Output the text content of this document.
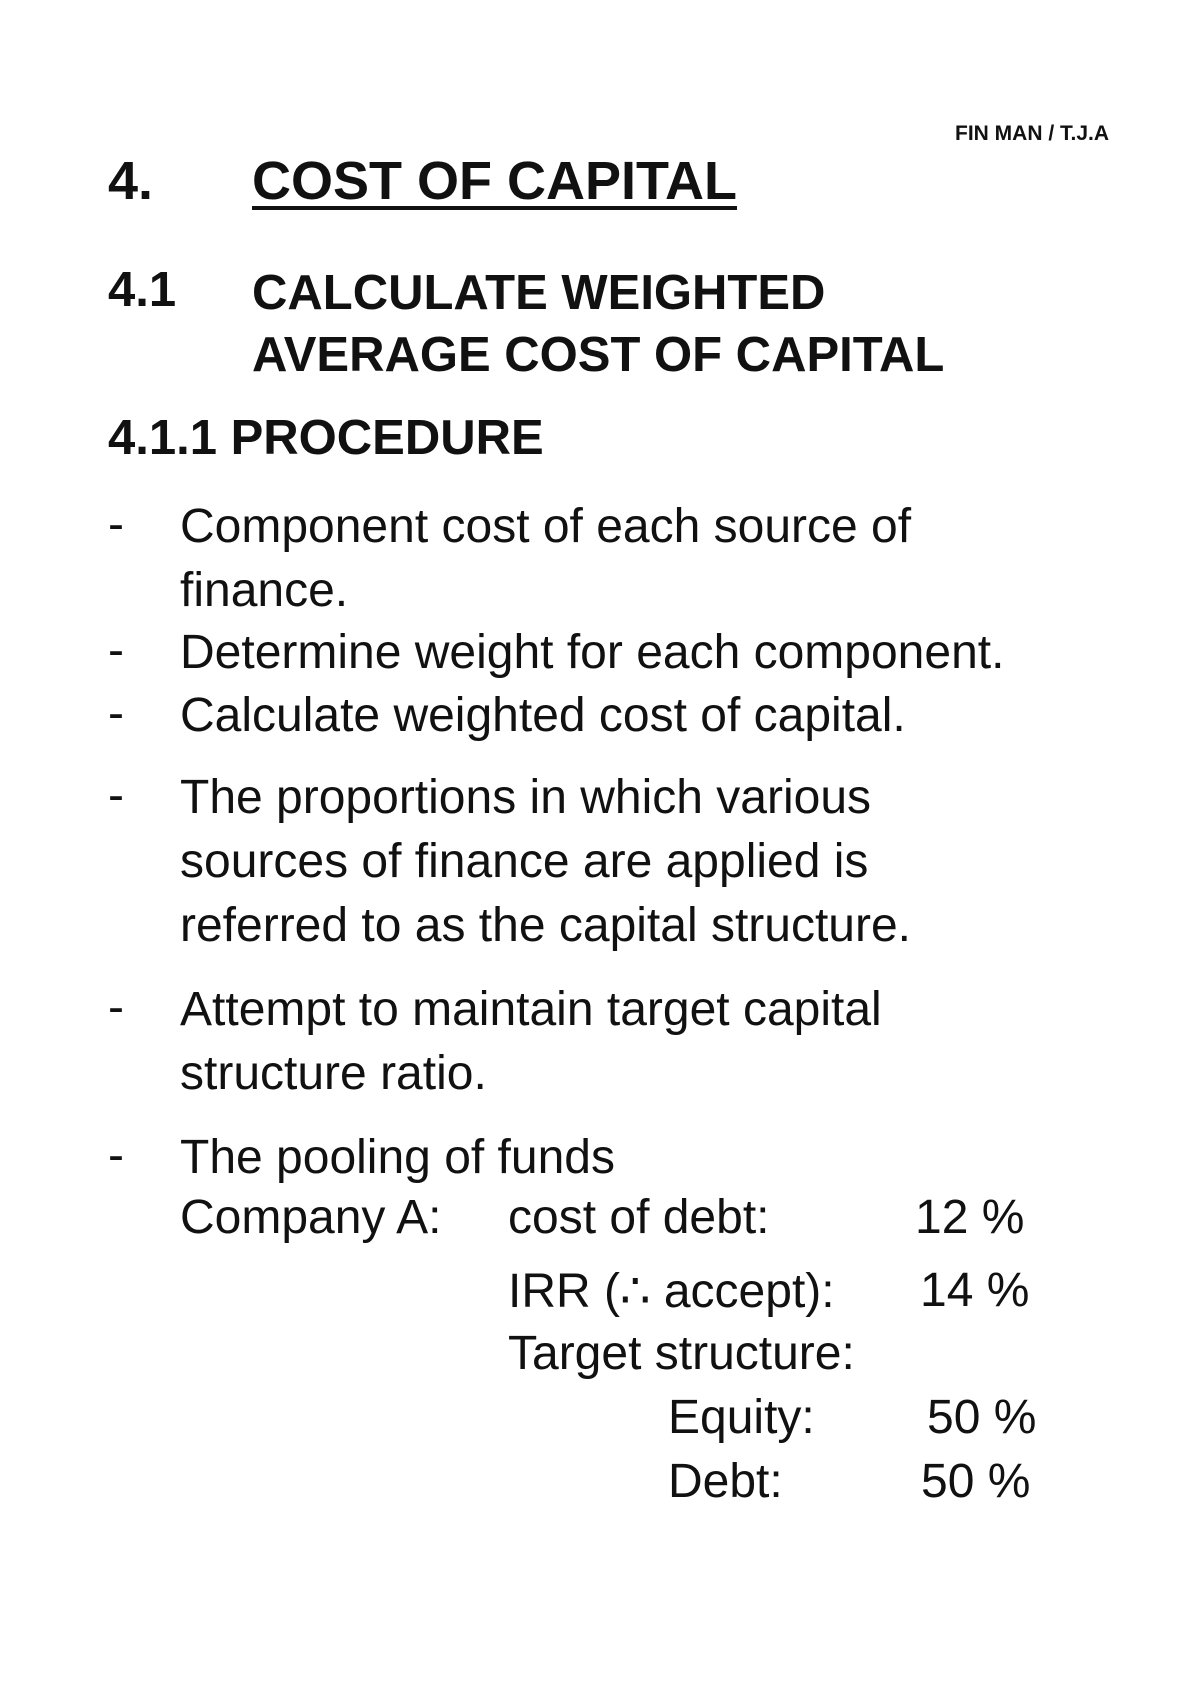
FIN MAN / T.J.A
4. COST OF CAPITAL
4.1 CALCULATE WEIGHTED
AVERAGE COST OF CAPITAL
4.1.1 PROCEDURE
- Component cost of each source of
finance.
- Determine weight for each component.
- Calculate weighted cost of capital.
- The proportions in which various
sources of finance are applied is
referred to as the capital structure.
- Attempt to maintain target capital
structure ratio.
- The pooling of funds
Company A: cost of debt:	12 %
IRR (∴ accept): 14 %
Target structure:
Equity: 50 %
Debt:	50 %
